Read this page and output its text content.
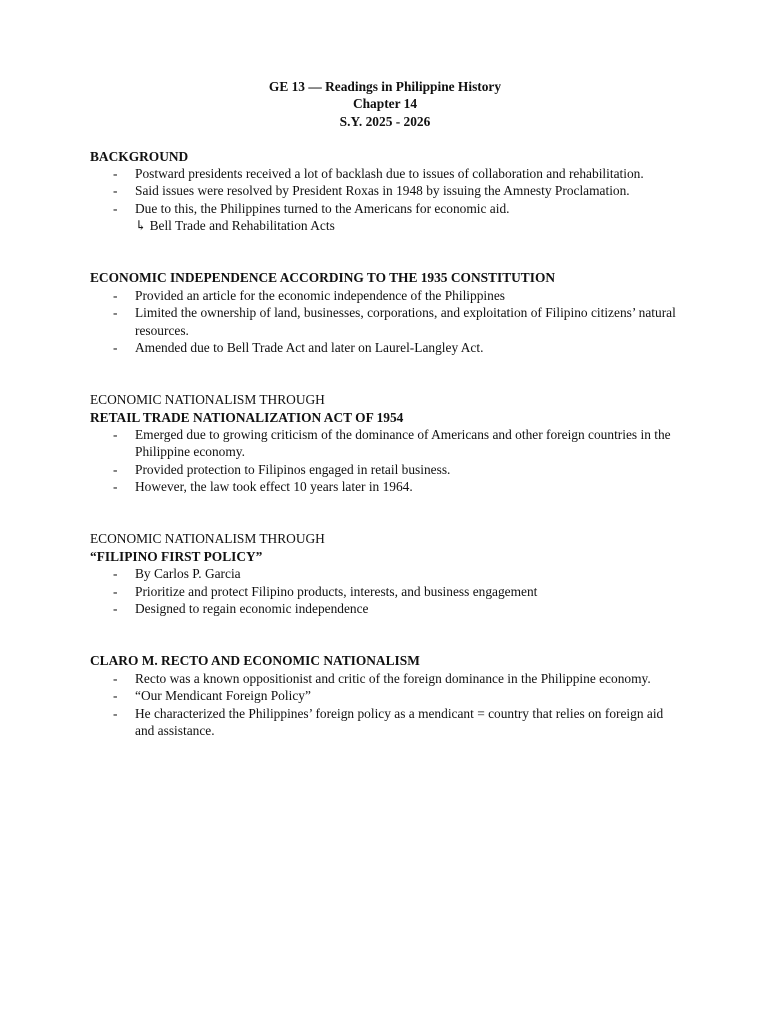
GE 13 — Readings in Philippine History
Chapter 14
S.Y. 2025 - 2026
BACKGROUND
- Postward presidents received a lot of backlash due to issues of collaboration and rehabilitation.
- Said issues were resolved by President Roxas in 1948 by issuing the Amnesty Proclamation.
- Due to this, the Philippines turned to the Americans for economic aid.
↳ Bell Trade and Rehabilitation Acts
ECONOMIC INDEPENDENCE ACCORDING TO THE 1935 CONSTITUTION
- Provided an article for the economic independence of the Philippines
- Limited the ownership of land, businesses, corporations, and exploitation of Filipino citizens’ natural resources.
- Amended due to Bell Trade Act and later on Laurel-Langley Act.
ECONOMIC NATIONALISM THROUGH
RETAIL TRADE NATIONALIZATION ACT OF 1954
- Emerged due to growing criticism of the dominance of Americans and other foreign countries in the Philippine economy.
- Provided protection to Filipinos engaged in retail business.
- However, the law took effect 10 years later in 1964.
ECONOMIC NATIONALISM THROUGH
“FILIPINO FIRST POLICY”
- By Carlos P. Garcia
- Prioritize and protect Filipino products, interests, and business engagement
- Designed to regain economic independence
CLARO M. RECTO AND ECONOMIC NATIONALISM
- Recto was a known oppositionist and critic of the foreign dominance in the Philippine economy.
- “Our Mendicant Foreign Policy”
- He characterized the Philippines’ foreign policy as a mendicant = country that relies on foreign aid and assistance.
